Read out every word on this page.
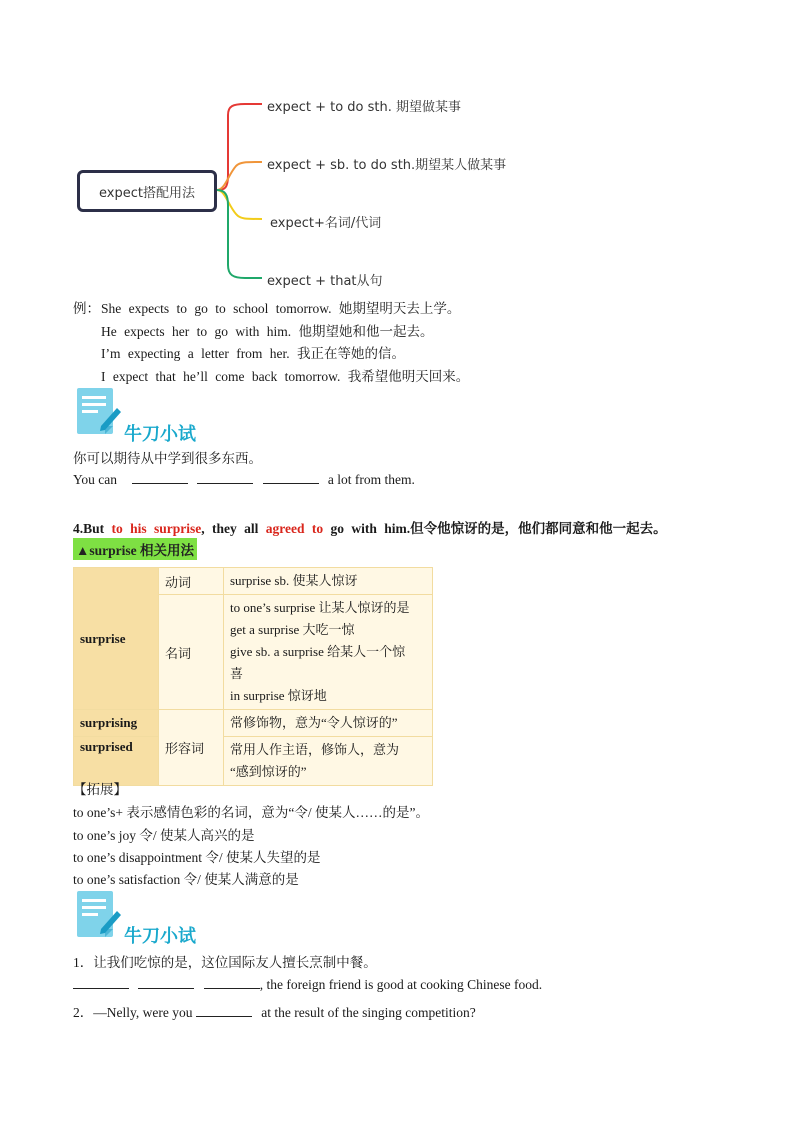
expect搭配用法
expect + to do sth. 期望做某事
expect + sb. to do sth.期望某人做某事
expect+名词/代词
expect + that从句
例： She expects to go to school tomorrow. 她期望明天去上学。
He expects her to go with him. 他期望她和他一起去。
I’m expecting a letter from her. 我正在等她的信。
I expect that he’ll come back tomorrow. 我希望他明天回来。
牛刀小试
你可以期待从中学到很多东西。
You can	a lot from them.
4.But to his surprise, they all agreed to go with him.但令他惊讶的是，他们都同意和他一起去。
▲surprise 相关用法
surprise	动词	surprise sb. 使某人惊讶
	名词	to one’s surprise 让某人惊讶的是
get a surprise 大吃一惊
give sb. a surprise 给某人一个惊
喜
in surprise 惊讶地

surprising	形容词	常修饰物，意为“令人惊讶的”
surprised		常用人作主语，修饰人，意为
“感到惊讶的”
【拓展】
to one’s+ 表示感情色彩的名词，意为“令/ 使某人……的是”。
to one’s joy 令/ 使某人高兴的是
to one’s disappointment 令/ 使某人失望的是
to one’s satisfaction 令/ 使某人满意的是
牛刀小试
1．让我们吃惊的是，这位国际友人擅长烹制中餐。
, the foreign friend is good at cooking Chinese food.
2．—Nelly, were you	at the result of the singing competition?
